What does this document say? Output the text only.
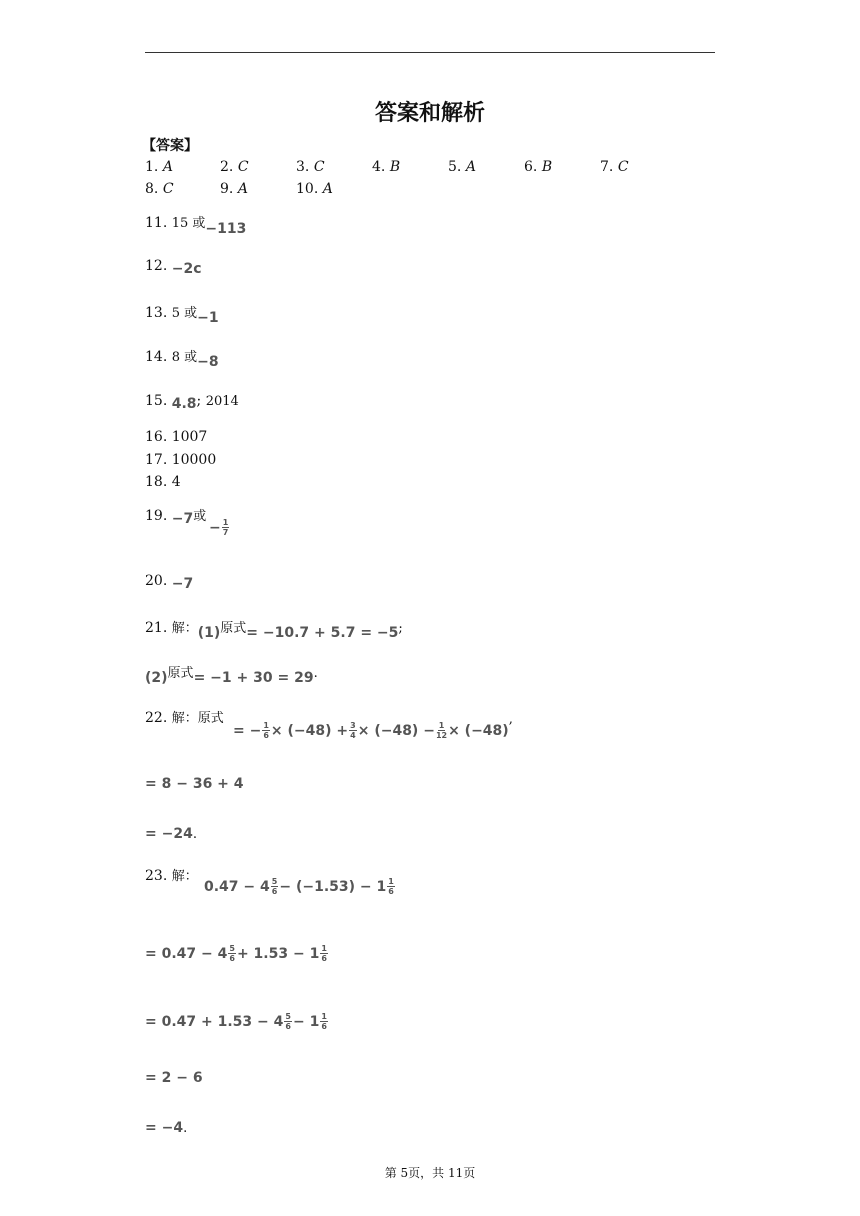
答案和解析
【答案】
1. A	2. C	3. C	4. B	5. A	6. B	7. C
8. C	9. A	10. A
11. 15 或−113
12. −2c
13. 5 或−1
14. 8 或−8
15. 4.8; 2014
16. 1007
17. 10000
18. 4
19. −7或
− $\frac{1}{7}$
20. −7
21. 解：(1)原式= −10.7 + 5.7 = −5;
(2)原式= −1 + 30 = 29.
22. 解：原式
= − $\frac{1}{6} \times (-48) + \frac{3}{4} \times (-48) - \frac{1}{12} \times (-48)^,$
= 8 − 36 + 4
= −24.
23. 解：
$0.47 - 4 \frac{5}{6} - (-1.53) - 1 \frac{1}{6}$
= $0.47 - 4 \frac{5}{6} + 1.53 - 1 \frac{1}{6}$
= $0.47 + 1.53 - 4 \frac{5}{6} - 1 \frac{1}{6}$
= 2 − 6
= −4.
第 5页，共 11页
